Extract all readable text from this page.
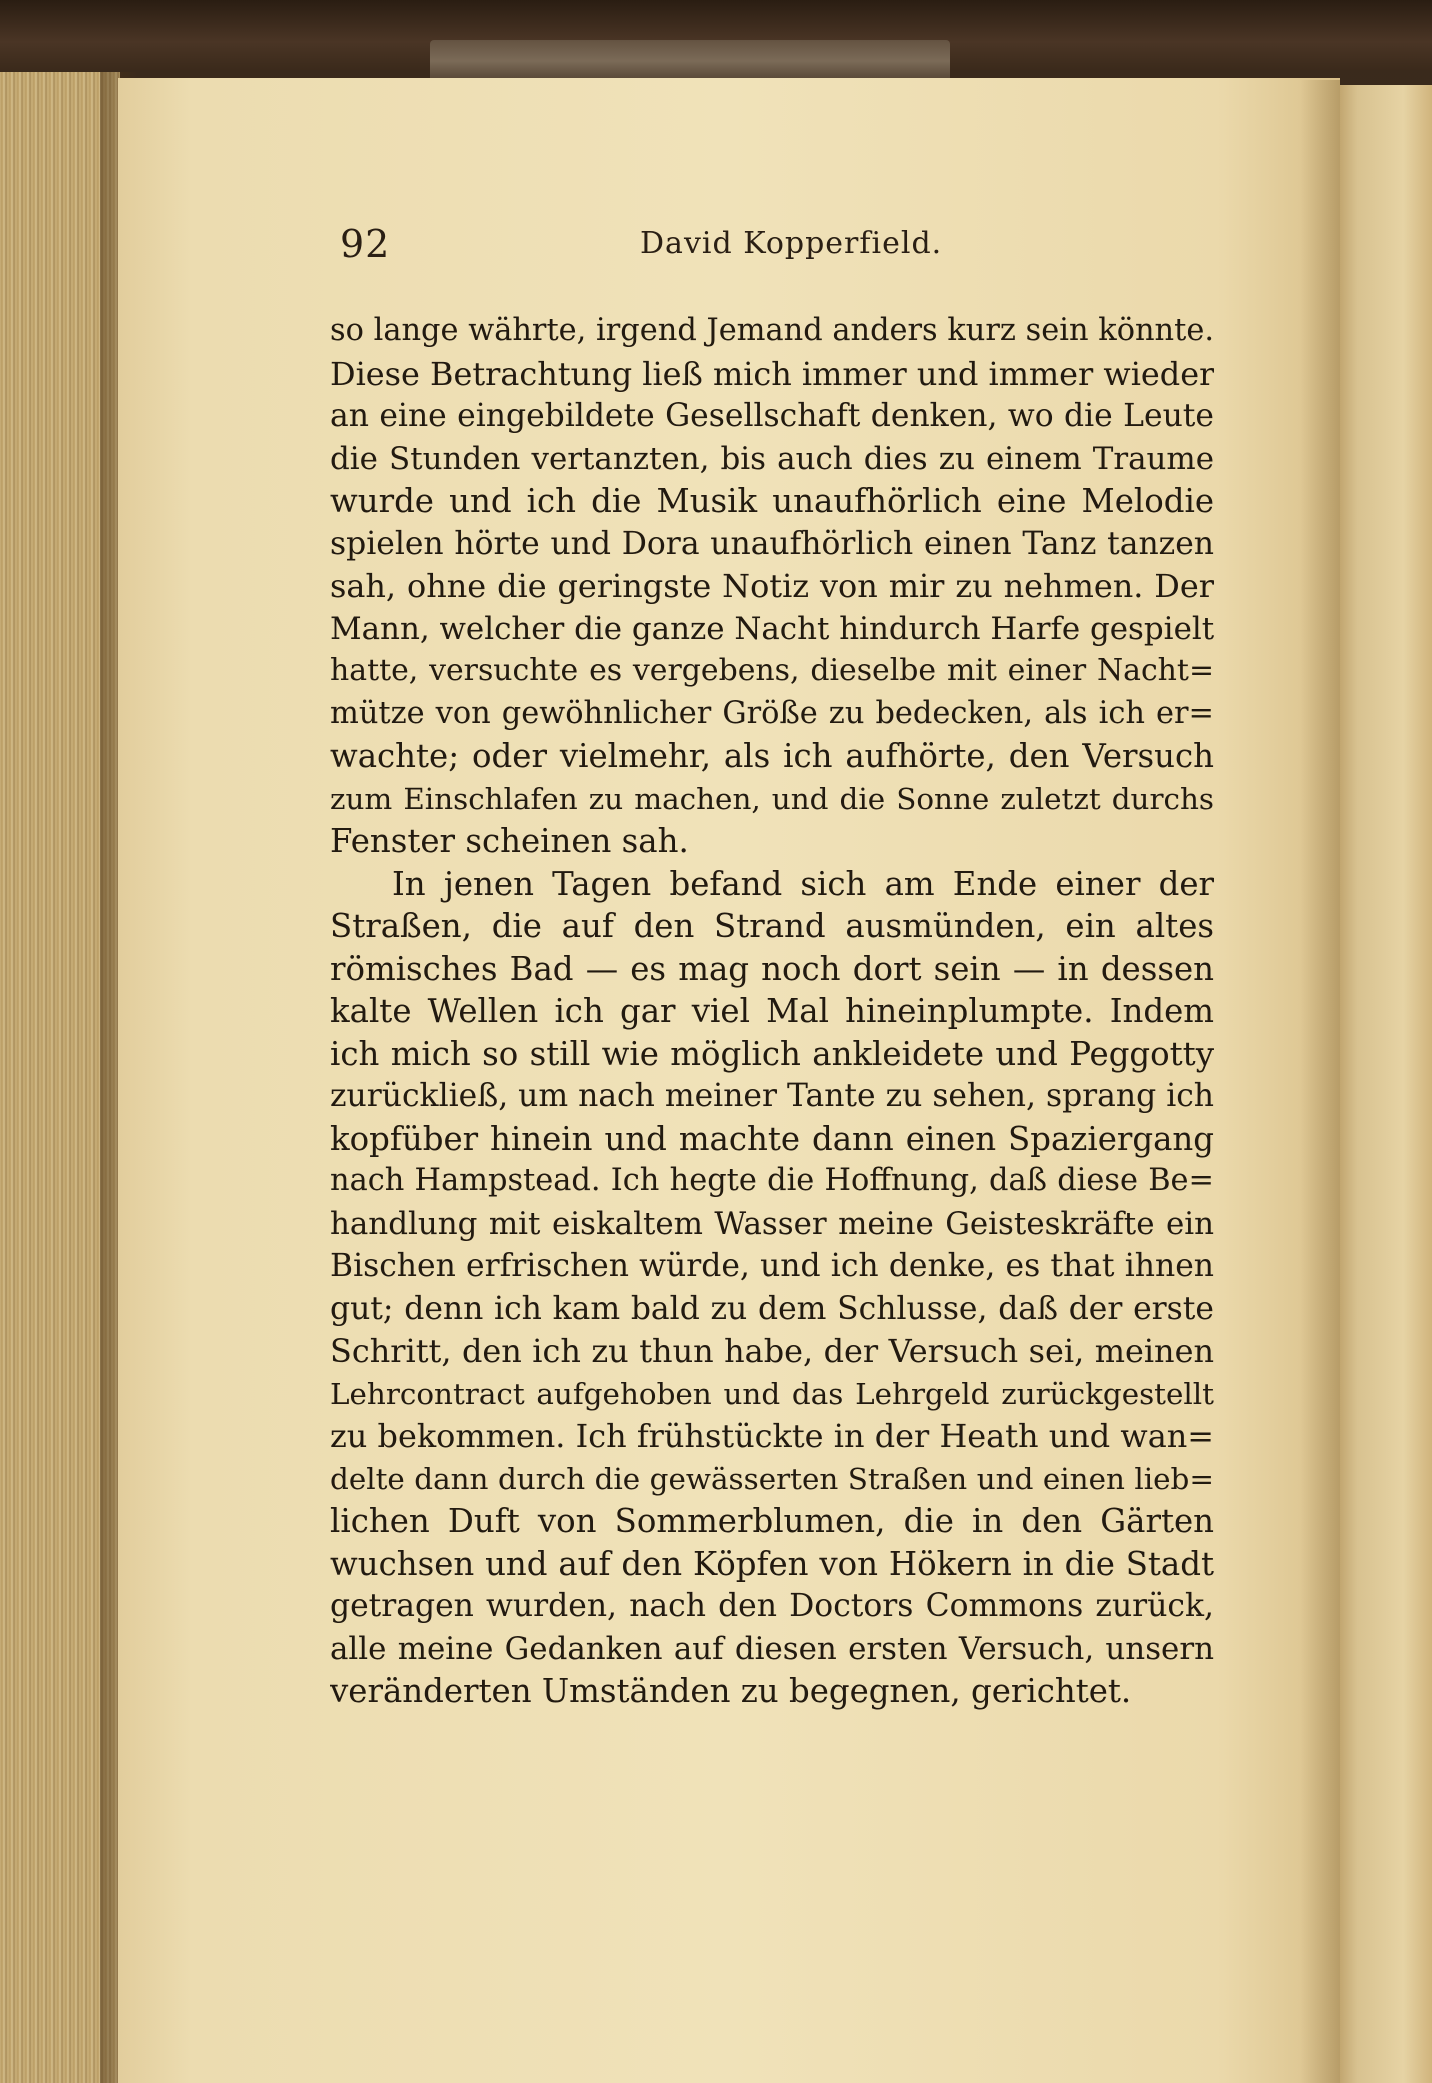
92	David Kopperfield.
so lange währte, irgend Jemand anders kurz sein könnte.
Diese Betrachtung ließ mich immer und immer wieder
an eine eingebildete Gesellschaft denken, wo die Leute
die Stunden vertanzten, bis auch dies zu einem Traume
wurde und ich die Musik unaufhörlich eine Melodie
spielen hörte und Dora unaufhörlich einen Tanz tanzen
sah, ohne die geringste Notiz von mir zu nehmen. Der
Mann, welcher die ganze Nacht hindurch Harfe gespielt
hatte, versuchte es vergebens, dieselbe mit einer Nacht=
mütze von gewöhnlicher Größe zu bedecken, als ich er=
wachte; oder vielmehr, als ich aufhörte, den Versuch
zum Einschlafen zu machen, und die Sonne zuletzt durchs
Fenster scheinen sah.
In jenen Tagen befand sich am Ende einer der
Straßen, die auf den Strand ausmünden, ein altes
römisches Bad — es mag noch dort sein — in dessen
kalte Wellen ich gar viel Mal hineinplumpte. Indem
ich mich so still wie möglich ankleidete und Peggotty
zurückließ, um nach meiner Tante zu sehen, sprang ich
kopfüber hinein und machte dann einen Spaziergang
nach Hampstead. Ich hegte die Hoffnung, daß diese Be=
handlung mit eiskaltem Wasser meine Geisteskräfte ein
Bischen erfrischen würde, und ich denke, es that ihnen
gut; denn ich kam bald zu dem Schlusse, daß der erste
Schritt, den ich zu thun habe, der Versuch sei, meinen
Lehrcontract aufgehoben und das Lehrgeld zurückgestellt
zu bekommen. Ich frühstückte in der Heath und wan=
delte dann durch die gewässerten Straßen und einen lieb=
lichen Duft von Sommerblumen, die in den Gärten
wuchsen und auf den Köpfen von Hökern in die Stadt
getragen wurden, nach den Doctors Commons zurück,
alle meine Gedanken auf diesen ersten Versuch, unsern
veränderten Umständen zu begegnen, gerichtet.
